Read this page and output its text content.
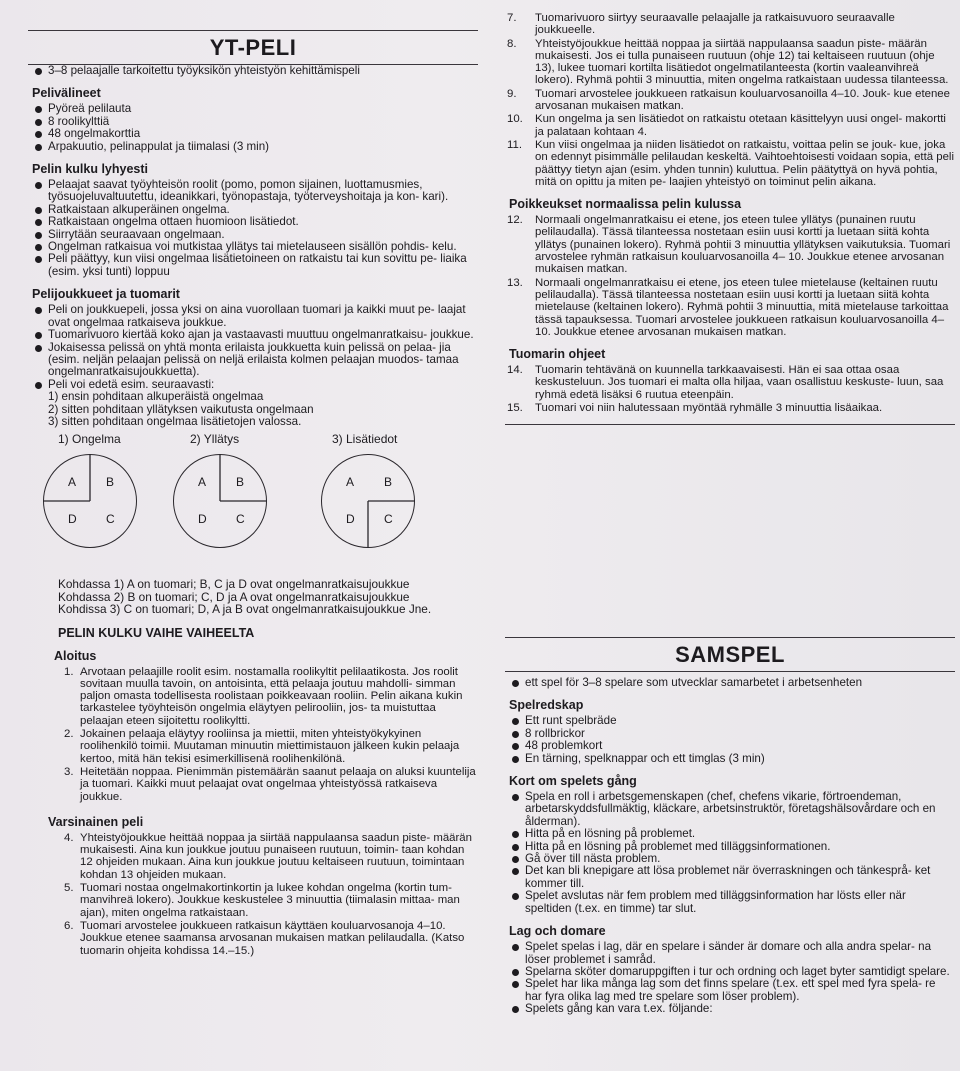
YT-PELI
3–8 pelaajalle tarkoitettu työyksikön yhteistyön kehittämispeli
Pelivälineet
Pyöreä pelilauta
8 roolikylttiä
48 ongelmakorttia
Arpakuutio, pelinappulat ja tiimalasi (3 min)
Pelin kulku lyhyesti
Pelaajat saavat työyhteisön roolit (pomo, pomon sijainen, luottamusmies, työsuojeluvaltuutettu, ideanikkari, työnopastaja, työterveyshoitaja ja kon- kari).
Ratkaistaan alkuperäinen ongelma.
Ratkaistaan ongelma ottaen huomioon lisätiedot.
Siirrytään seuraavaan ongelmaan.
Ongelman ratkaisua voi mutkistaa yllätys tai mietelauseen sisällön pohdis- kelu.
Peli päättyy, kun viisi ongelmaa lisätietoineen on ratkaistu tai kun sovittu pe- liaika (esim. yksi tunti) loppuu
Pelijoukkueet ja tuomarit
Peli on joukkuepeli, jossa yksi on aina vuorollaan tuomari ja kaikki muut pe- laajat ovat ongelmaa ratkaiseva joukkue.
Tuomarivuoro kiertää koko ajan ja vastaavasti muuttuu ongelmanratkaisu- joukkue.
Jokaisessa pelissä on yhtä monta erilaista joukkuetta kuin pelissä on pelaa- jia (esim. neljän pelaajan pelissä on neljä erilaista kolmen pelaajan muodos- tamaa ongelmanratkaisujoukkuetta).
Peli voi edetä esim. seuraavasti:
1) ensin pohditaan alkuperäistä ongelmaa
2) sitten pohditaan yllätyksen vaikutusta ongelmaan
3) sitten pohditaan ongelmaa lisätietojen valossa.
1) Ongelma	2) Yllätys	3) Lisätiedot
A B
C
D
A B
C
D
A B
C
D
Kohdassa 1) A on tuomari; B, C ja D ovat ongelmanratkaisujoukkue
Kohdassa 2) B on tuomari; C, D ja A ovat ongelmanratkaisujoukkue
Kohdissa 3) C on tuomari; D, A ja B ovat ongelmanratkaisujoukkue Jne.
PELIN KULKU VAIHE VAIHEELTA
Aloitus
1. Arvotaan pelaajille roolit esim. nostamalla roolikyltit pelilaatikosta. Jos roolit sovitaan muulla tavoin, on antoisinta, että pelaaja joutuu mahdolli- simman paljon omasta todellisesta roolistaan poikkeavaan rooliin. Pelin aikana kukin tarkastelee työyhteisön ongelmia eläytyen pelirooliin, jos- ta muistuttaa pelaajan eteen sijoitettu roolikyltti.
2. Jokainen pelaaja eläytyy rooliinsa ja miettii, miten yhteistyökykyinen roolihenkilö toimii. Muutaman minuutin miettimistauon jälkeen kukin pelaaja kertoo, mitä hän tekisi esimerkillisenä roolihenkilönä.
3. Heitetään noppaa. Pienimmän pistemäärän saanut pelaaja on aluksi kuuntelija ja tuomari. Kaikki muut pelaajat ovat ongelmaa yhteistyössä ratkaiseva joukkue.
Varsinainen peli
4. Yhteistyöjoukkue heittää noppaa ja siirtää nappulaansa saadun piste- määrän mukaisesti. Aina kun joukkue joutuu punaiseen ruutuun, toimin- taan kohdan 12 ohjeiden mukaan. Aina kun joukkue joutuu keltaiseen ruutuun, toimintaan kohdan 13 ohjeiden mukaan.
5. Tuomari nostaa ongelmakortinkortin ja lukee kohdan ongelma (kortin tum- manvihreä lokero). Joukkue keskustelee 3 minuuttia (tiimalasin mittaa- man ajan), miten ongelma ratkaistaan.
6. Tuomari arvostelee joukkueen ratkaisun käyttäen kouluarvosanoja 4–10. Joukkue etenee saamansa arvosanan mukaisen matkan pelilaudalla. (Katso tuomarin ohjeita kohdissa 14.–15.)
7. Tuomarivuoro siirtyy seuraavalle pelaajalle ja ratkaisuvuoro seuraavalle joukkueelle.
8. Yhteistyöjoukkue heittää noppaa ja siirtää nappulaansa saadun piste- määrän mukaisesti. Jos ei tulla punaiseen ruutuun (ohje 12) tai keltaiseen ruutuun (ohje 13), lukee tuomari kortilta lisätiedot ongelmatilanteesta (kortin vaaleanvihreä lokero). Ryhmä pohtii 3 minuuttia, miten ongelma ratkaistaan uudessa tilanteessa.
9. Tuomari arvostelee joukkueen ratkaisun kouluarvosanoilla 4–10. Jouk- kue etenee arvosanan mukaisen matkan.
10. Kun ongelma ja sen lisätiedot on ratkaistu otetaan käsittelyyn uusi ongel- makortti ja palataan kohtaan 4.
11. Kun viisi ongelmaa ja niiden lisätiedot on ratkaistu, voittaa pelin se jouk- kue, joka on edennyt pisimmälle pelilaudan keskeltä. Vaihtoehtoisesti voidaan sopia, että peli päättyy tietyn ajan (esim. yhden tunnin) kuluttua. Pelin päätyttyä on hyvä pohtia, mitä on opittu ja miten pe- laajien yhteistyö on toiminut pelin aikana.
Poikkeukset normaalissa pelin kulussa
12. Normaali ongelmanratkaisu ei etene, jos eteen tulee yllätys (punainen ruutu pelilaudalla). Tässä tilanteessa nostetaan esiin uusi kortti ja luetaan siitä kohta yllätys (punainen lokero). Ryhmä pohtii 3 minuuttia yllätyksen vaikutuksia. Tuomari arvostelee ryhmän ratkaisun kouluarvosanoilla 4– 10. Joukkue etenee arvosanan mukaisen matkan.
13. Normaali ongelmanratkaisu ei etene, jos eteen tulee mietelause (keltainen ruutu pelilaudalla). Tässä tilanteessa nostetaan esiin uusi kortti ja luetaan siitä kohta mietelause (keltainen lokero). Ryhmä pohtii 3 minuuttia, mitä mietelause tarkoittaa tässä tapauksessa. Tuomari arvostelee joukkueen ratkaisun kouluarvosanoilla 4–10. Joukkue etenee arvosanan mukaisen matkan.
Tuomarin ohjeet
14. Tuomarin tehtävänä on kuunnella tarkkaavaisesti. Hän ei saa ottaa osaa keskusteluun. Jos tuomari ei malta olla hiljaa, vaan osallistuu keskuste- luun, saa ryhmä edetä lisäksi 6 ruutua eteenpäin.
15. Tuomari voi niin halutessaan myöntää ryhmälle 3 minuuttia lisäaikaa.
SAMSPEL
ett spel för 3–8 spelare som utvecklar samarbetet i arbetsenheten
Spelredskap
Ett runt spelbräde
8 rollbrickor
48 problemkort
En tärning, spelknappar och ett timglas (3 min)
Kort om spelets gång
Spela en roll i arbetsgemenskapen (chef, chefens vikarie, förtroendeman, arbetarskyddsfullmäktig, kläckare, arbetsinstruktör, företagshälsovårdare och en ålderman).
Hitta på en lösning på problemet.
Hitta på en lösning på problemet med tilläggsinformationen.
Gå över till nästa problem.
Det kan bli knepigare att lösa problemet när överraskningen och tänkesprå- ket kommer till.
Spelet avslutas när fem problem med tilläggsinformation har lösts eller när speltiden (t.ex. en timme) tar slut.
Lag och domare
Spelet spelas i lag, där en spelare i sänder är domare och alla andra spelar- na löser problemet i samråd.
Spelarna sköter domaruppgiften i tur och ordning och laget byter samtidigt spelare.
Spelet har lika många lag som det finns spelare (t.ex. ett spel med fyra spela- re har fyra olika lag med tre spelare som löser problem).
Spelets gång kan vara t.ex. följande:
